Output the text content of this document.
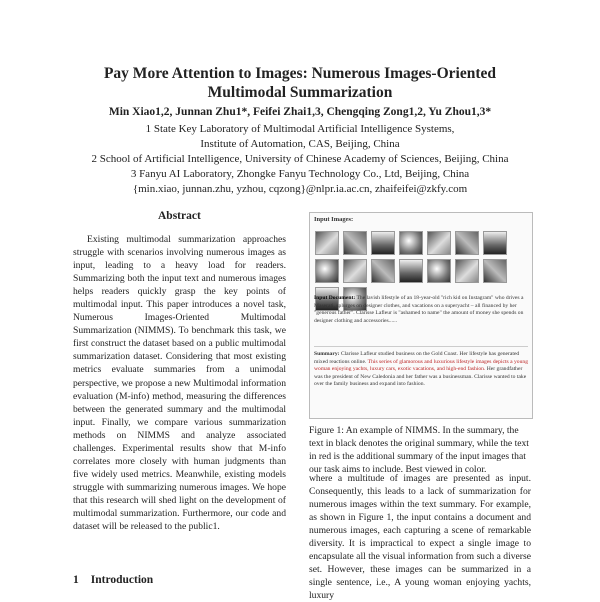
Pay More Attention to Images: Numerous Images-Oriented
Multimodal Summarization
Min Xiao1,2, Junnan Zhu1*, Feifei Zhai1,3, Chengqing Zong1,2, Yu Zhou1,3*
1 State Key Laboratory of Multimodal Artificial Intelligence Systems,
Institute of Automation, CAS, Beijing, China
2 School of Artificial Intelligence, University of Chinese Academy of Sciences, Beijing, China
3 Fanyu AI Laboratory, Zhongke Fanyu Technology Co., Ltd, Beijing, China
{min.xiao, junnan.zhu, yzhou, cqzong}@nlpr.ia.ac.cn, zhaifeifei@zkfy.com
Abstract

Existing multimodal summarization approaches struggle with scenarios involving numerous images as input, leading to a heavy load for readers. Summarizing both the input text and numerous images helps readers quickly grasp the key points of multimodal input. This paper introduces a novel task, Numerous Images-Oriented Multimodal Summarization (NIMMS). To benchmark this task, we first construct the dataset based on a public multimodal summarization dataset. Considering that most existing metrics evaluate summaries from a unimodal perspective, we propose a new Multimodal information evaluation (M-info) method, measuring the differences between the generated summary and the multimodal input. Finally, we compare various summarization methods on NIMMS and analyze associated challenges. Experimental results show that M-info correlates more closely with human judgments than five widely used metrics. Meanwhile, existing models struggle with summarizing numerous images. We hope that this research will shed light on the development of multimodal summarization. Furthermore, our code and dataset will be released to the public1.

1 Introduction
Input Images:
Input Document: The lavish lifestyle of an 18-year-old "rich kid on Instagram" who drives a Maserati, splurges on designer clothes, and vacations on a superyacht – all financed by her "generous father". Clarisse Lafleur is "ashamed to name" the amount of money she spends on designer clothing and accessories......
Summary: Clarisse Lafleur studied business on the Gold Coast. Her lifestyle has generated mixed reactions online. This series of glamorous and luxurious lifestyle images depicts a young woman enjoying yachts, luxury cars, exotic vacations, and high-end fashion. Her grandfather was the president of New Caledonia and her father was a businessman. Clarisse wanted to take over the family business and expand into fashion.
Figure 1: An example of NIMMS. In the summary, the text in black denotes the original summary, while the text in red is the additional summary of the input images that our task aims to include. Best viewed in color.

where a multitude of images are presented as input. Consequently, this leads to a lack of summarization for numerous images within the text summary. For example, as shown in Figure 1, the input contains a document and numerous images, each capturing a scene of remarkable diversity. It is impractical to expect a single image to encapsulate all the visual information from such a diverse set. However, these images can be summarized in a single sentence, i.e., A young woman enjoying yachts, luxury
